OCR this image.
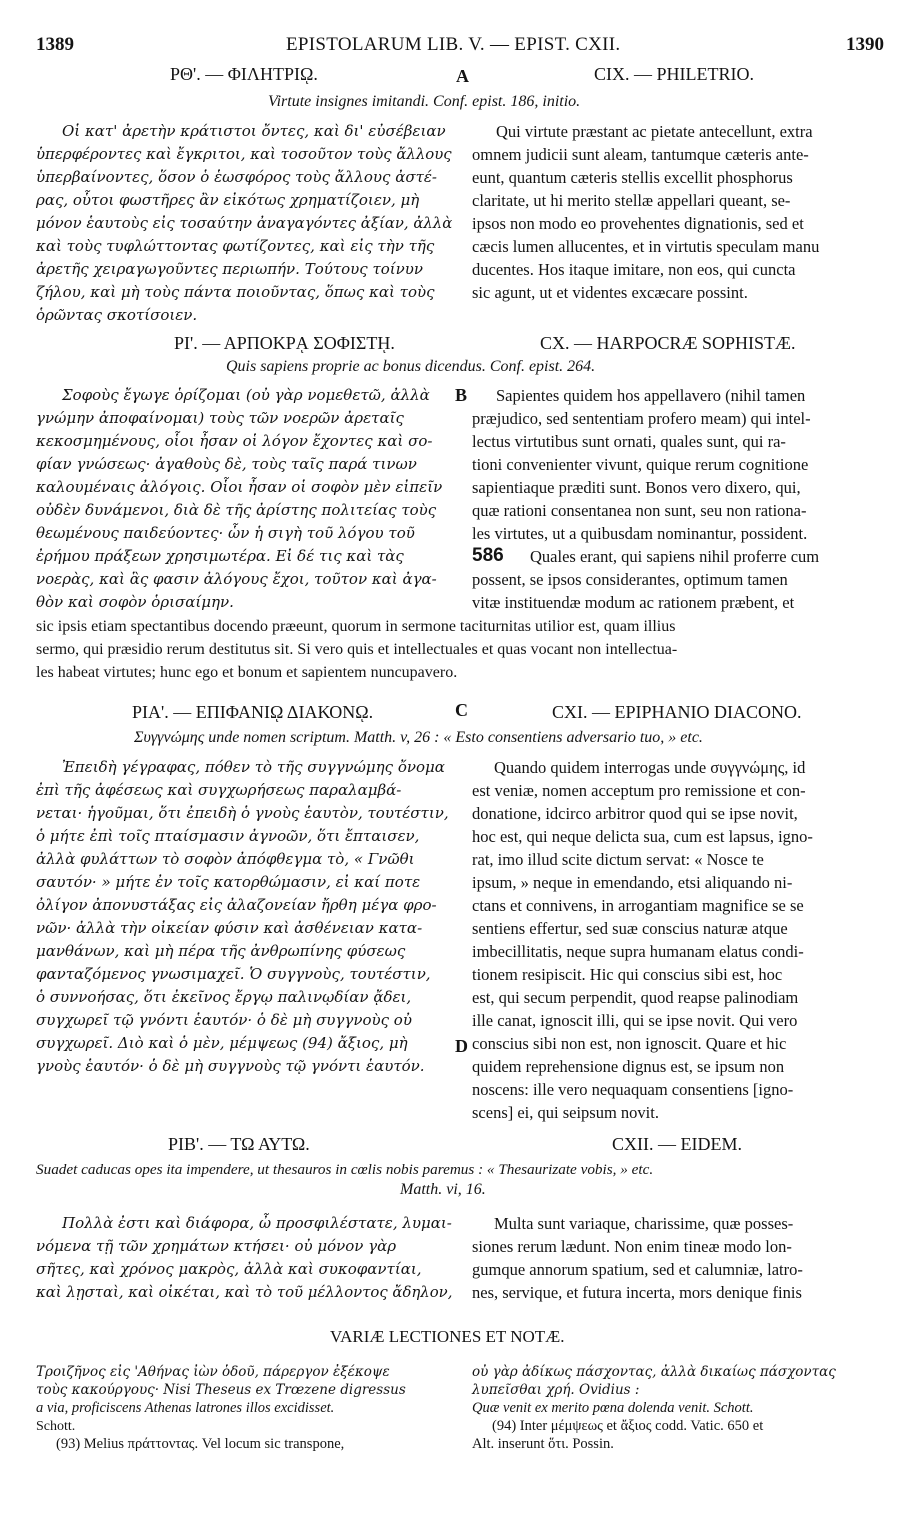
1389	EPISTOLARUM LIB. V. — EPIST. CXII.	1390
ΡΘ'. — ΦΙΛΗΤΡΙῼ.	A	CIX. — PHILETRIO.
Virtute insignes imitandi. Conf. epist. 186, initio.
Οἱ κατ' ἀρετὴν κράτιστοι ὄντες, καὶ δι' εὐσέβειαν
ὑπερφέροντες καὶ ἔγκριτοι, καὶ τοσοῦτον τοὺς ἄλλους
ὑπερβαίνοντες, ὅσον ὁ ἑωσφόρος τοὺς ἄλλους ἀστέ-
ρας, οὗτοι φωστῆρες ἂν εἰκότως χρηματίζοιεν, μὴ
μόνον ἑαυτοὺς εἰς τοσαύτην ἀναγαγόντες ἀξίαν, ἀλλὰ
καὶ τοὺς τυφλώττοντας φωτίζοντες, καὶ εἰς τὴν τῆς
ἀρετῆς χειραγωγοῦντες περιωπήν. Τούτους τοίνυν
ζήλου, καὶ μὴ τοὺς πάντα ποιοῦντας, ὅπως καὶ τοὺς
ὁρῶντας σκοτίσοιεν.
Qui virtute præstant ac pietate antecellunt, extra
omnem judicii sunt aleam, tantumque cæteris ante-
eunt, quantum cæteris stellis excellit phosphorus
claritate, ut hi merito stellæ appellari queant, se-
ipsos non modo eo provehentes dignationis, sed et
cæcis lumen allucentes, et in virtutis speculam manu
ducentes. Hos itaque imitare, non eos, qui cuncta
sic agunt, ut et videntes excæcare possint.
ΡΙ'. — ΑΡΠΟΚΡᾼ ΣΟΦΙΣΤῌ.	CX. — HARPOCRÆ SOPHISTÆ.
Quis sapiens proprie ac bonus dicendus. Conf. epist. 264.
B
Σοφοὺς ἔγωγε ὁρίζομαι (οὐ γὰρ νομεθετῶ, ἀλλὰ
γνώμην ἀποφαίνομαι) τοὺς τῶν νοερῶν ἀρεταῖς
κεκοσμημένους, οἷοι ἦσαν οἱ λόγον ἔχοντες καὶ σο-
φίαν γνώσεως· ἀγαθοὺς δὲ, τοὺς ταῖς παρά τινων
καλουμέναις ἀλόγοις. Οἷοι ἦσαν οἱ σοφὸν μὲν εἰπεῖν
οὐδὲν δυνάμενοι, διὰ δὲ τῆς ἀρίστης πολιτείας τοὺς
θεωμένους παιδεύοντες· ὧν ἡ σιγὴ τοῦ λόγου τοῦ
ἐρήμου πράξεων χρησιμωτέρα. Εἰ δέ τις καὶ τὰς
νοερὰς, καὶ ἃς φασιν ἀλόγους ἔχοι, τοῦτον καὶ ἀγα-
θὸν καὶ σοφὸν ὁρισαίμην.
Sapientes quidem hos appellavero (nihil tamen
præjudico, sed sententiam profero meam) qui intel-
lectus virtutibus sunt ornati, quales sunt, qui ra-
tioni convenienter vivunt, quique rerum cognitione
sapientiaque præditi sunt. Bonos vero dixero, qui,
quæ rationi consentanea non sunt, seu non rationa-
les virtutes, ut a quibusdam nominantur, possident.
586 Quales erant, qui sapiens nihil proferre cum
possent, se ipsos considerantes, optimum tamen
vitæ instituendæ modum ac rationem præbent, et
sic ipsis etiam spectantibus docendo præeunt, quorum in sermone taciturnitas utilior est, quam illius
sermo, qui præsidio rerum destitutus sit. Si vero quis et intellectuales et quas vocant non intellectua-
les habeat virtutes; hunc ego et bonum et sapientem nuncupavero.
ΡΙΑ'. — ΕΠΙΦΑΝΙῼ ΔΙΑΚΟΝῼ.	C	CXI. — EPIPHANIO DIACONO.
Συγγνώμης unde nomen scriptum. Matth. v, 26 : « Esto consentiens adversario tuo, » etc.
Ἐπειδὴ γέγραφας, πόθεν τὸ τῆς συγγνώμης ὄνομα
ἐπὶ τῆς ἀφέσεως καὶ συγχωρήσεως παραλαμβά-
νεται· ἡγοῦμαι, ὅτι ἐπειδὴ ὁ γνοὺς ἑαυτὸν, τουτέστιν,
ὁ μήτε ἐπὶ τοῖς πταίσμασιν ἀγνοῶν, ὅτι ἔπταισεν,
ἀλλὰ φυλάττων τὸ σοφὸν ἀπόφθεγμα τὸ, « Γνῶθι
σαυτόν· » μήτε ἐν τοῖς κατορθώμασιν, εἰ καί ποτε
ὀλίγον ἀπονυστάξας εἰς ἀλαζονείαν ἤρθη μέγα φρο-
νῶν· ἀλλὰ τὴν οἰκείαν φύσιν καὶ ἀσθένειαν κατα-
μανθάνων, καὶ μὴ πέρα τῆς ἀνθρωπίνης φύσεως
φανταζόμενος γνωσιμαχεῖ. Ὁ συγγνοὺς, τουτέστιν,
ὁ συννοήσας, ὅτι ἐκεῖνος ἔργῳ παλινῳδίαν ᾄδει,
συγχωρεῖ τῷ γνόντι ἑαυτόν· ὁ δὲ μὴ συγγνοὺς οὐ
συγχωρεῖ. Διὸ καὶ ὁ μὲν, μέμψεως (94) ἄξιος, μὴ
γνοὺς ἑαυτόν· ὁ δὲ μὴ συγγνοὺς τῷ γνόντι ἑαυτόν.
D
Quando quidem interrogas unde συγγνώμης, id
est veniæ, nomen acceptum pro remissione et con-
donatione, idcirco arbitror quod qui se ipse novit,
hoc est, qui neque delicta sua, cum est lapsus, igno-
rat, imo illud scite dictum servat: « Nosce te
ipsum, » neque in emendando, etsi aliquando ni-
ctans et connivens, in arrogantiam magnifice se se
sentiens effertur, sed suæ conscius naturæ atque
imbecillitatis, neque supra humanam elatus condi-
tionem resipiscit. Hic qui conscius sibi est, hoc
est, qui secum perpendit, quod reapse palinodiam
ille canat, ignoscit illi, qui se ipse novit. Qui vero
conscius sibi non est, non ignoscit. Quare et hic
quidem reprehensione dignus est, se ipsum non
noscens: ille vero nequaquam consentiens [igno-
scens] ei, qui seipsum novit.
ΡΙΒ'. — ΤΩ ΑΥΤΩ.	CXII. — EIDEM.
Suadet caducas opes ita impendere, ut thesauros in cœlis nobis paremus : « Thesaurizate vobis, » etc.
Matth. vi, 16.
Πολλὰ ἐστι καὶ διάφορα, ὦ προσφιλέστατε, λυμαι-
νόμενα τῇ τῶν χρημάτων κτήσει· οὐ μόνον γὰρ
σῆτες, καὶ χρόνος μακρὸς, ἀλλὰ καὶ συκοφαντίαι,
καὶ λῃσταὶ, καὶ οἰκέται, καὶ τὸ τοῦ μέλλοντος ἄδηλον,
Multa sunt variaque, charissime, quæ posses-
siones rerum lædunt. Non enim tineæ modo lon-
gumque annorum spatium, sed et calumniæ, latro-
nes, servique, et futura incerta, mors denique finis
VARIÆ LECTIONES ET NOTÆ.
Τροιζῆνος εἰς 'Αθήνας ἰὼν ὁδοῦ, πάρεργον ἐξέκοψε
τοὺς κακούργους· Nisi Theseus ex Trœzene digressus
a via, proficiscens Athenas latrones illos excidisset.
Schott.
(93) Melius πράττοντας. Vel locum sic transpone,
οὐ γὰρ ἀδίκως πάσχοντας, ἀλλὰ δικαίως πάσχοντας
λυπεῖσθαι χρή. Ovidius :
Quæ venit ex merito pœna dolenda venit. Schott.
(94) Inter μέμψεως et ἄξιος codd. Vatic. 650 et
Alt. inserunt ὅτι. Possin.
